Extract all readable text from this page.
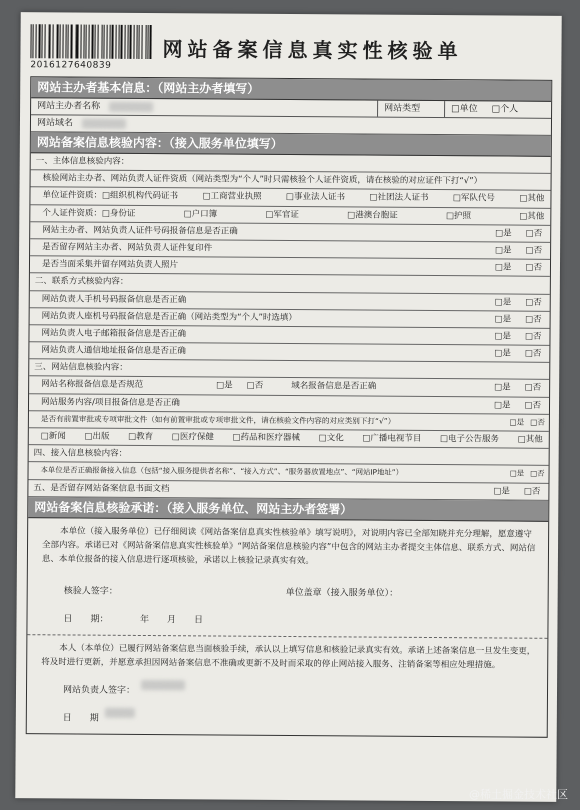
2016127640839
网站备案信息真实性核验单
网站主办者基本信息：（网站主办者填写）
网站主办者名称	网站类型	□单位 □个人
网站域名
网站备案信息核验内容：（接入服务单位填写）
一、主体信息核验内容：
核验网站主办者、网站负责人证件资质（网站类型为“个人”时只需核验个人证件资质，请在核验的对应证件下打“√”）
单位证件资质： □组织机构代码证书	□工商营业执照	□事业法人证书	□社团法人证书	□军队代号	□其他
个人证件资质： □身份证	□户口簿	□军官证	□港澳台胞证	□护照	□其他
网站主办者、网站负责人证件号码报备信息是否正确	□是 □否
是否留存网站主办者、网站负责人证件复印件	□是 □否
是否当面采集并留存网站负责人照片	□是 □否
二、联系方式核验内容：
网站负责人手机号码报备信息是否正确	□是 □否
网站负责人座机号码报备信息是否正确（网站类型为“个人”时选填）	□是 □否
网站负责人电子邮箱报备信息是否正确	□是 □否
网站负责人通信地址报备信息是否正确	□是 □否
三、网站信息核验内容：
网站名称报备信息是否规范	□是 □否	域名报备信息是否正确	□是 □否
网站服务内容/项目报备信息是否正确	□是 □否
是否有前置审批或专项审批文件（如有前置审批或专项审批文件，请在核验文件内容的对应类别下打“√”）	□是 □否
□新闻 □出版 □教育 □医疗保健 □药品和医疗器械 □文化 □广播电视节目 □电子公告服务 □其他
四、接入信息核验内容：
本单位是否正确报备接入信息（包括“接入服务提供者名称”、“接入方式”、“服务器放置地点”、“网站IP地址”）	□是 □否
五、是否留存网站备案信息书面文档	□是 □否
网站备案信息核验承诺：（接入服务单位、网站主办者签署）
本单位（接入服务单位）已仔细阅读《网站备案信息真实性核验单》填写说明》，对说明内容已全部知晓并充分理解，愿意遵守全部内容。承诺已对《网站备案信息真实性核验单》“网站备案信息核验内容”中包含的网站主办者提交主体信息、联系方式、网站信息、本单位报备的接入信息进行逐项核验，承诺以上核验记录真实有效。
核验人签字：	单位盖章（接入服务单位）：
日　　期：　　　　年　　月　　日
本人（本单位）已履行网站备案信息当面核验手续，承认以上填写信息和核验记录真实有效。承诺上述备案信息一旦发生变更，将及时进行更新，并愿意承担因网站备案信息不准确或更新不及时而采取的停止网站接入服务、注销备案等相应处理措施。
网站负责人签字：
日　　期
@稀土掘金技术社区
